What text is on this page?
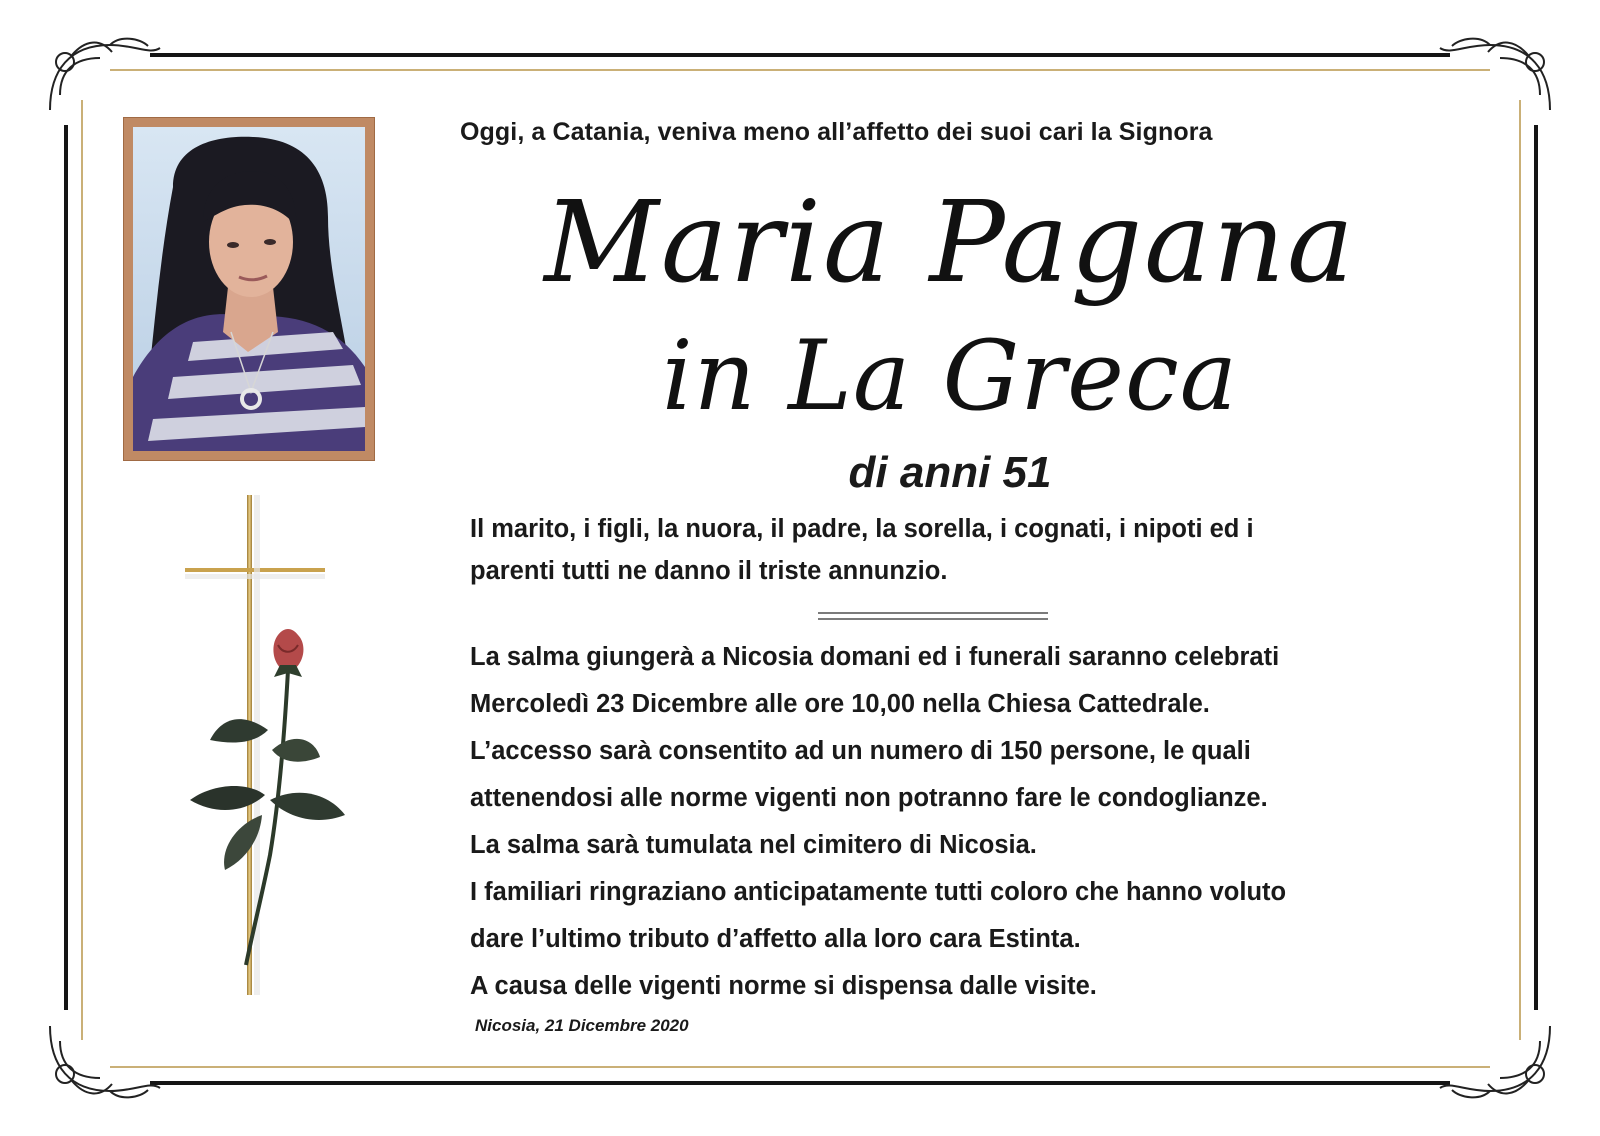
Oggi, a Catania, veniva meno all’affetto dei suoi cari la Signora
Maria Pagana
in La Greca
di anni 51
Il marito, i figli, la nuora, il padre, la sorella, i cognati, i nipoti ed i
parenti tutti ne danno il triste annunzio.
La salma giungerà a Nicosia domani ed i funerali saranno celebrati
Mercoledì 23 Dicembre alle ore 10,00 nella Chiesa Cattedrale.
L’accesso sarà consentito ad un numero di 150 persone, le quali
attenendosi alle norme vigenti non potranno fare le condoglianze.
La salma sarà tumulata nel cimitero di Nicosia.
I familiari ringraziano anticipatamente tutti coloro che hanno voluto
dare l’ultimo tributo d’affetto alla loro cara Estinta.
A causa delle vigenti norme si dispensa dalle visite.
Nicosia, 21 Dicembre 2020
